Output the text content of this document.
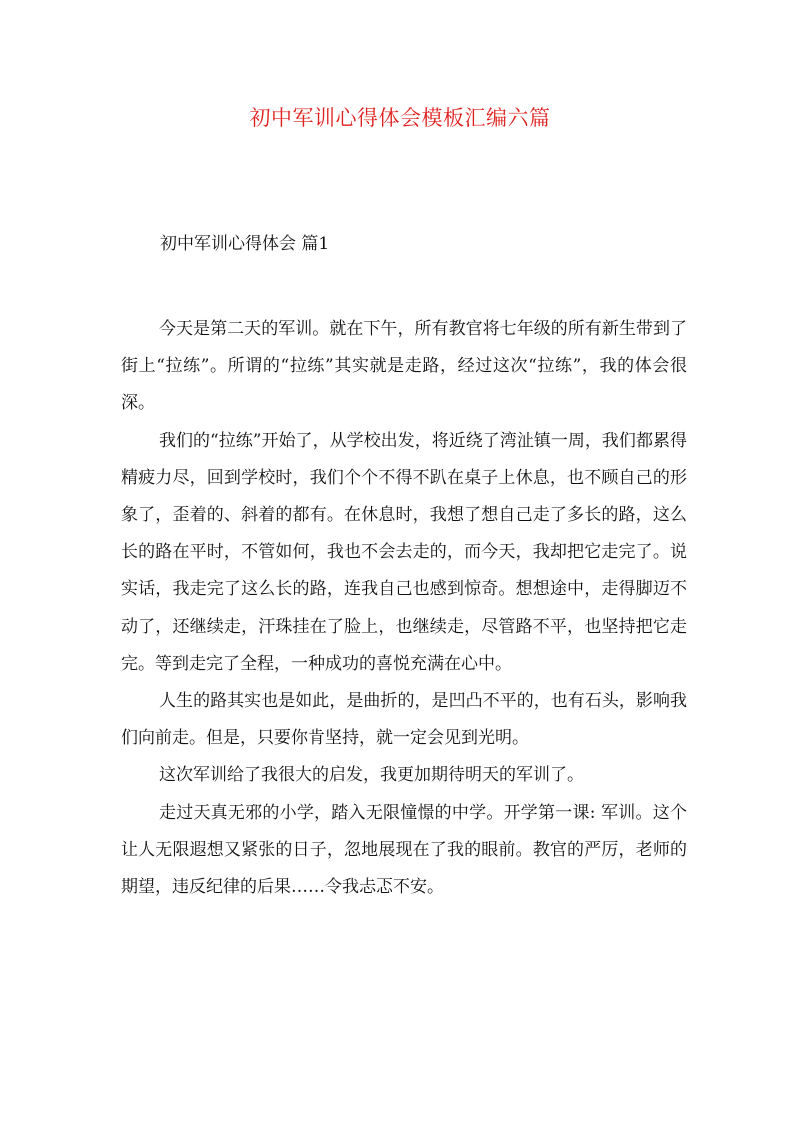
初中军训心得体会模板汇编六篇
初中军训心得体会 篇1

今天是第二天的军训。就在下午，所有教官将七年级的所有新生带到了街上“拉练”。所谓的“拉练”其实就是走路，经过这次“拉练”，我的体会很深。

我们的“拉练”开始了，从学校出发，将近绕了湾沚镇一周，我们都累得精疲力尽，回到学校时，我们个个不得不趴在桌子上休息，也不顾自己的形象了，歪着的、斜着的都有。在休息时，我想了想自己走了多长的路，这么长的路在平时，不管如何，我也不会去走的，而今天，我却把它走完了。说实话，我走完了这么长的路，连我自己也感到惊奇。想想途中，走得脚迈不动了，还继续走，汗珠挂在了脸上，也继续走，尽管路不平，也坚持把它走完。等到走完了全程，一种成功的喜悦充满在心中。

人生的路其实也是如此，是曲折的，是凹凸不平的，也有石头，影响我们向前走。但是，只要你肯坚持，就一定会见到光明。

这次军训给了我很大的启发，我更加期待明天的军训了。

走过天真无邪的小学，踏入无限憧憬的中学。开学第一课: 军训。这个让人无限遐想又紧张的日子，忽地展现在了我的眼前。教官的严厉，老师的期望，违反纪律的后果……令我忐忑不安。
